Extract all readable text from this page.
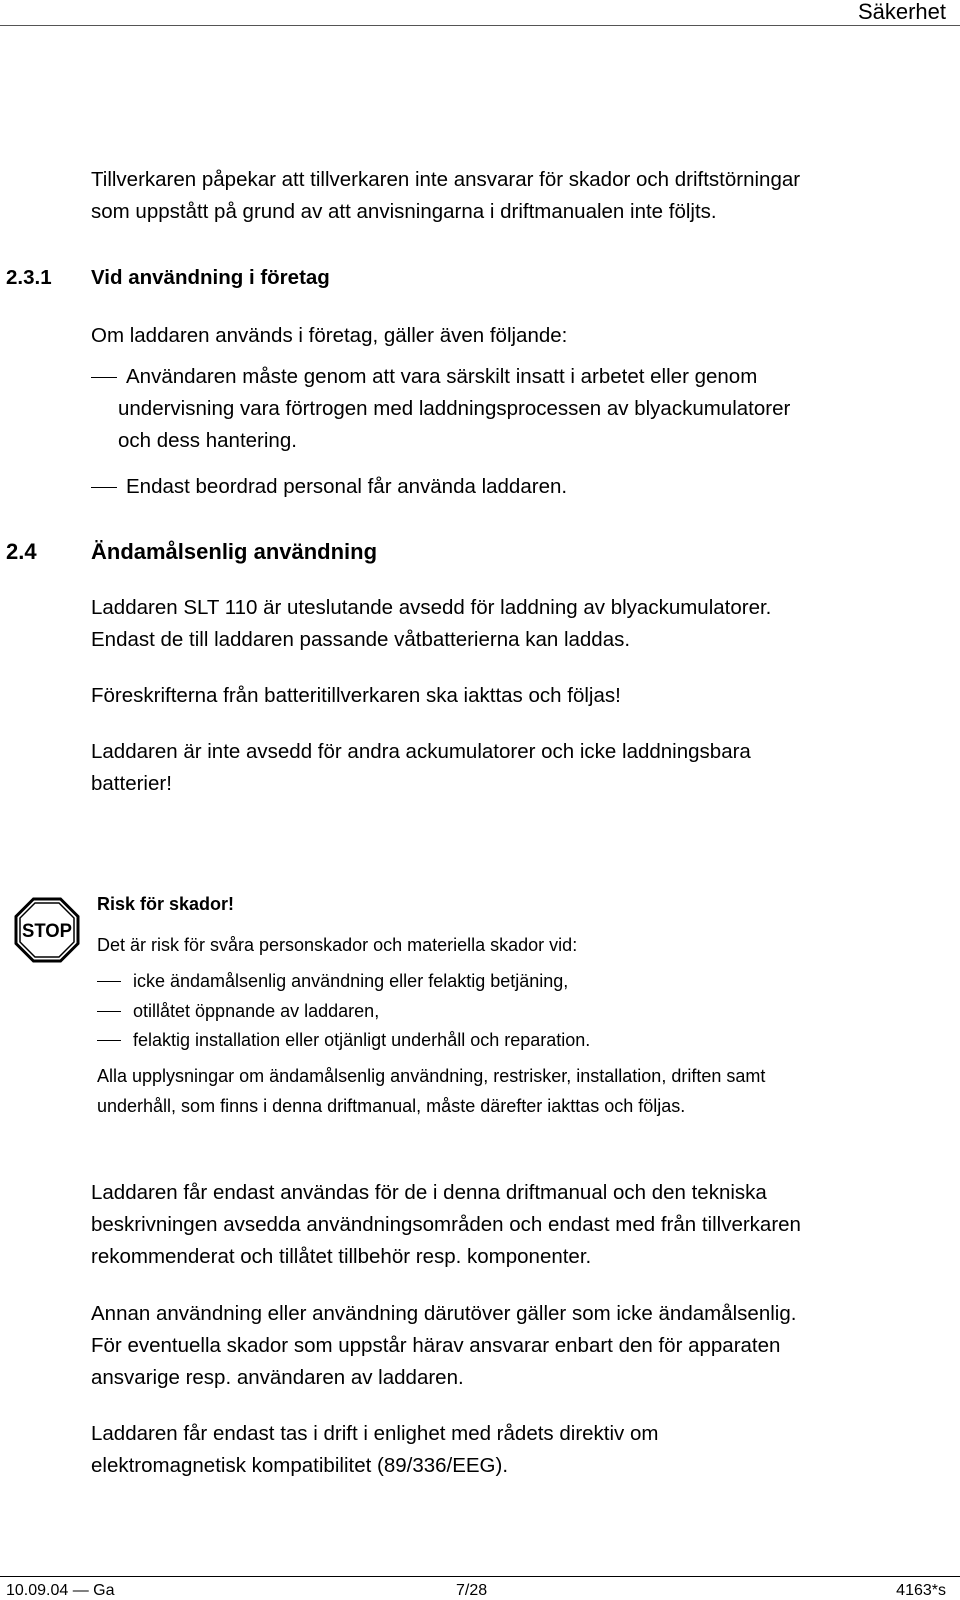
Säkerhet
Tillverkaren påpekar att tillverkaren inte ansvarar för skador och driftstörningar
som uppstått på grund av att anvisningarna i driftmanualen inte följts.
2.3.1 Vid användning i företag
Om laddaren används i företag, gäller även följande:
Användaren måste genom att vara särskilt insatt i arbetet eller genom
undervisning vara förtrogen med laddningsprocessen av blyackumulatorer
och dess hantering.
Endast beordrad personal får använda laddaren.
2.4 Ändamålsenlig användning
Laddaren SLT 110 är uteslutande avsedd för laddning av blyackumulatorer.
Endast de till laddaren passande våtbatterierna kan laddas.
Föreskrifterna från batteritillverkaren ska iakttas och följas!
Laddaren är inte avsedd för andra ackumulatorer och icke laddningsbara
batterier!
STOP
Risk för skador!
Det är risk för svåra personskador och materiella skador vid:
icke ändamålsenlig användning eller felaktig betjäning,
otillåtet öppnande av laddaren,
felaktig installation eller otjänligt underhåll och reparation.
Alla upplysningar om ändamålsenlig användning, restrisker, installation, driften samt
underhåll, som finns i denna driftmanual, måste därefter iakttas och följas.
Laddaren får endast användas för de i denna driftmanual och den tekniska
beskrivningen avsedda användningsområden och endast med från tillverkaren
rekommenderat och tillåtet tillbehör resp. komponenter.
Annan användning eller användning därutöver gäller som icke ändamålsenlig.
För eventuella skador som uppstår härav ansvarar enbart den för apparaten
ansvarige resp. användaren av laddaren.
Laddaren får endast tas i drift i enlighet med rådets direktiv om
elektromagnetisk kompatibilitet (89/336/EEG).
10.09.04 — Ga	7/28	4163*s
